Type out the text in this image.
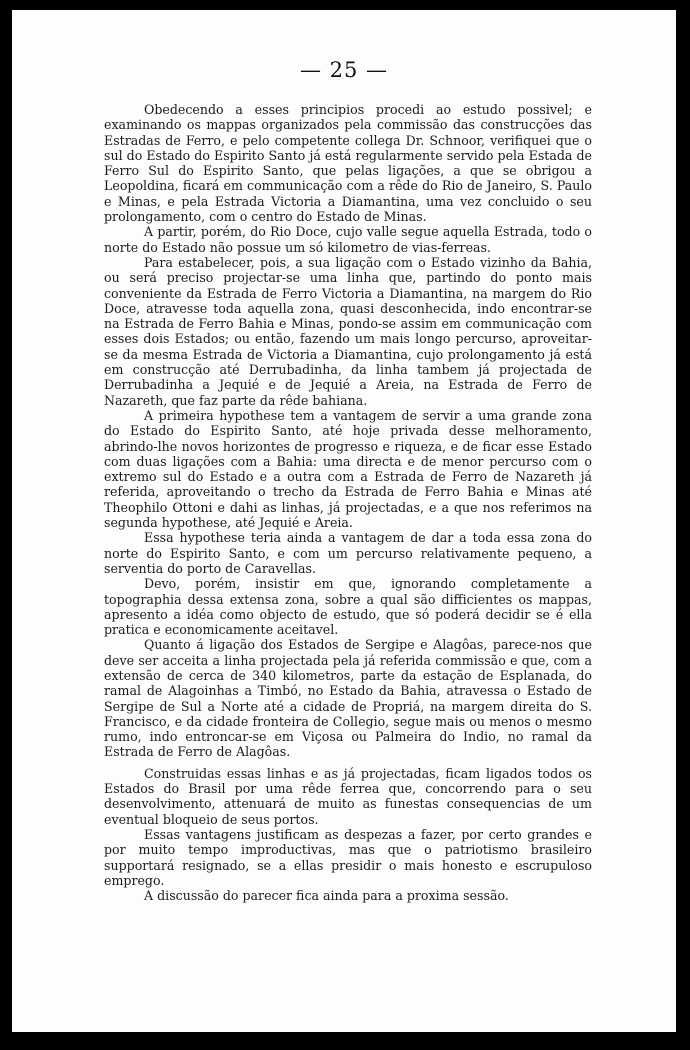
— 25 —

Obedecendo a esses principios procedi ao estudo possivel; e examinando os mappas organizados pela commissão das construcções das Estradas de Ferro, e pelo competente collega Dr. Schnoor, verifiquei que o sul do Estado do Espirito Santo já está regularmente servido pela Estada de Ferro Sul do Espirito Santo, que pelas ligações, a que se obrigou a Leopoldina, ficará em communicação com a rêde do Rio de Janeiro, S. Paulo e Minas, e pela Estrada Victoria a Diamantina, uma vez concluido o seu prolongamento, com o centro do Estado de Minas.

A partir, porém, do Rio Doce, cujo valle segue aquella Estrada, todo o norte do Estado não possue um só kilometro de vias-ferreas.

Para estabelecer, pois, a sua ligação com o Estado vizinho da Bahia, ou será preciso projectar-se uma linha que, partindo do ponto mais conveniente da Estrada de Ferro Victoria a Diamantina, na margem do Rio Doce, atravesse toda aquella zona, quasi desconhecida, indo encontrar-se na Estrada de Ferro Bahia e Minas, pondo-se assim em communicação com esses dois Estados; ou então, fazendo um mais longo percurso, aproveitar-se da mesma Estrada de Victoria a Diamantina, cujo prolongamento já está em construcção até Derrubadinha, da linha tambem já projectada de Derrubadinha a Jequié e de Jequié a Areia, na Estrada de Ferro de Nazareth, que faz parte da rêde bahiana.

A primeira hypothese tem a vantagem de servir a uma grande zona do Estado do Espirito Santo, até hoje privada desse melhoramento, abrindo-lhe novos horizontes de progresso e riqueza, e de ficar esse Estado com duas ligações com a Bahia: uma directa e de menor percurso com o extremo sul do Estado e a outra com a Estrada de Ferro de Nazareth já referida, aproveitando o trecho da Estrada de Ferro Bahia e Minas até Theophilo Ottoni e dahi as linhas, já projectadas, e a que nos referimos na segunda hypothese, até Jequié e Areia.

Essa hypothese teria ainda a vantagem de dar a toda essa zona do norte do Espirito Santo, e com um percurso relativamente pequeno, a serventia do porto de Caravellas.

Devo, porém, insistir em que, ignorando completamente a topographia dessa extensa zona, sobre a qual são difficientes os mappas, apresento a idéa como objecto de estudo, que só poderá decidir se é ella pratica e economicamente aceitavel.

Quanto á ligação dos Estados de Sergipe e Alagôas, parece-nos que deve ser acceita a linha projectada pela já referida commissão e que, com a extensão de cerca de 340 kilometros, parte da estação de Esplanada, do ramal de Alagoinhas a Timbó, no Estado da Bahia, atravessa o Estado de Sergipe de Sul a Norte até a cidade de Propriá, na margem direita do S. Francisco, e da cidade fronteira de Collegio, segue mais ou menos o mesmo rumo, indo entroncar-se em Viçosa ou Palmeira do Indio, no ramal da Estrada de Ferro de Alagôas.

Construidas essas linhas e as já projectadas, ficam ligados todos os Estados do Brasil por uma rêde ferrea que, concorrendo para o seu desenvolvimento, attenuará de muito as funestas consequencias de um eventual bloqueio de seus portos.

Essas vantagens justificam as despezas a fazer, por certo grandes e por muito tempo improductivas, mas que o patriotismo brasileiro supportará resignado, se a ellas presidir o mais honesto e escrupuloso emprego.

A discussão do parecer fica ainda para a proxima sessão.
